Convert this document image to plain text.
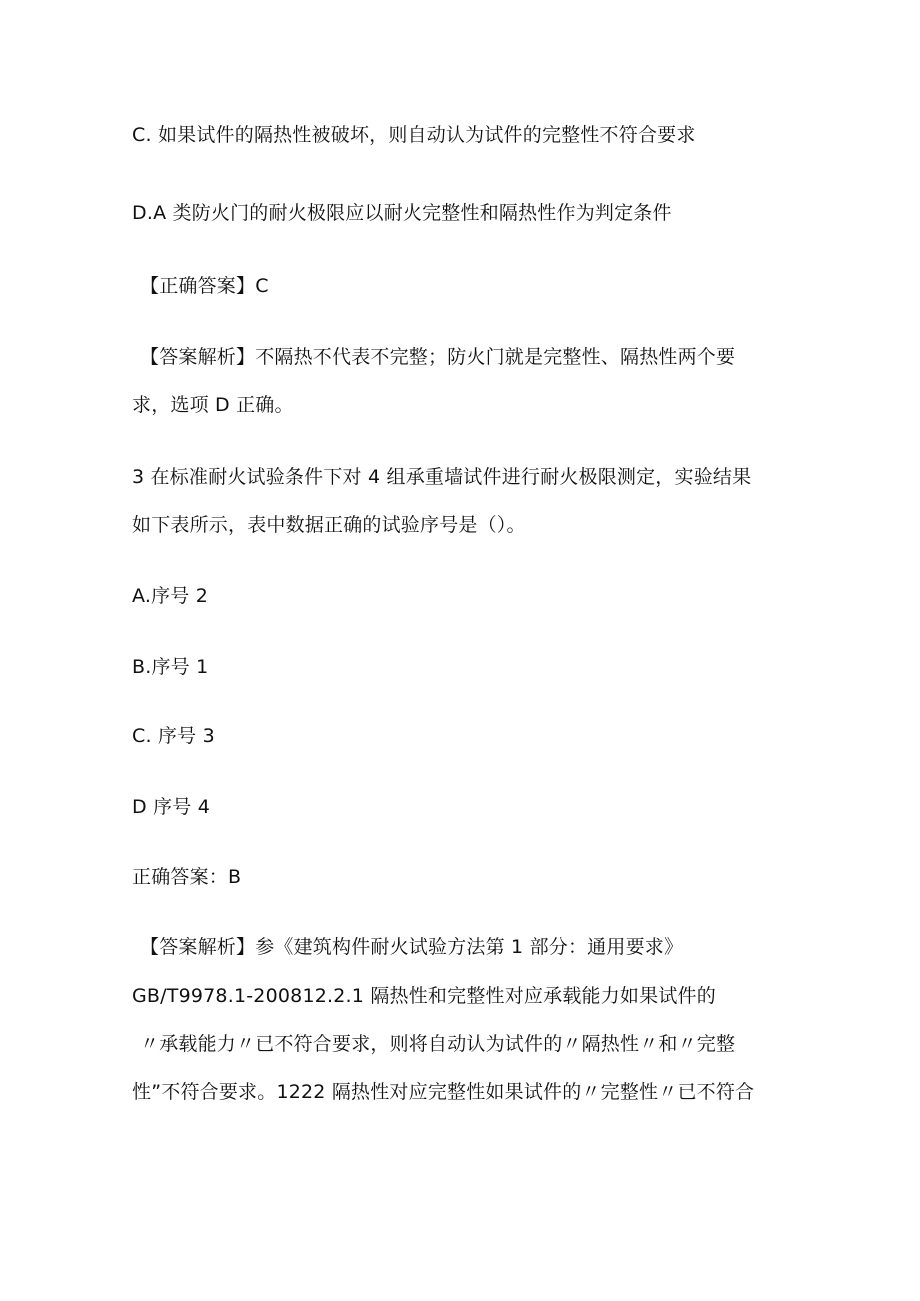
C. 如果试件的隔热性被破坏，则自动认为试件的完整性不符合要求
D.A 类防火门的耐火极限应以耐火完整性和隔热性作为判定条件
【正确答案】C
【答案解析】不隔热不代表不完整；防火门就是完整性、隔热性两个要
求，选项 D 正确。
3 在标准耐火试验条件下对 4 组承重墙试件进行耐火极限测定，实验结果
如下表所示，表中数据正确的试验序号是（）。
A.序号 2
B.序号 1
C. 序号 3
D 序号 4
正确答案：B
【答案解析】参《建筑构件耐火试验方法第 1 部分：通用要求》
GB/T9978.1-200812.2.1 隔热性和完整性对应承载能力如果试件的
〃承载能力〃已不符合要求，则将自动认为试件的〃隔热性〃和〃完整
性”不符合要求。1222 隔热性对应完整性如果试件的〃完整性〃已不符合
